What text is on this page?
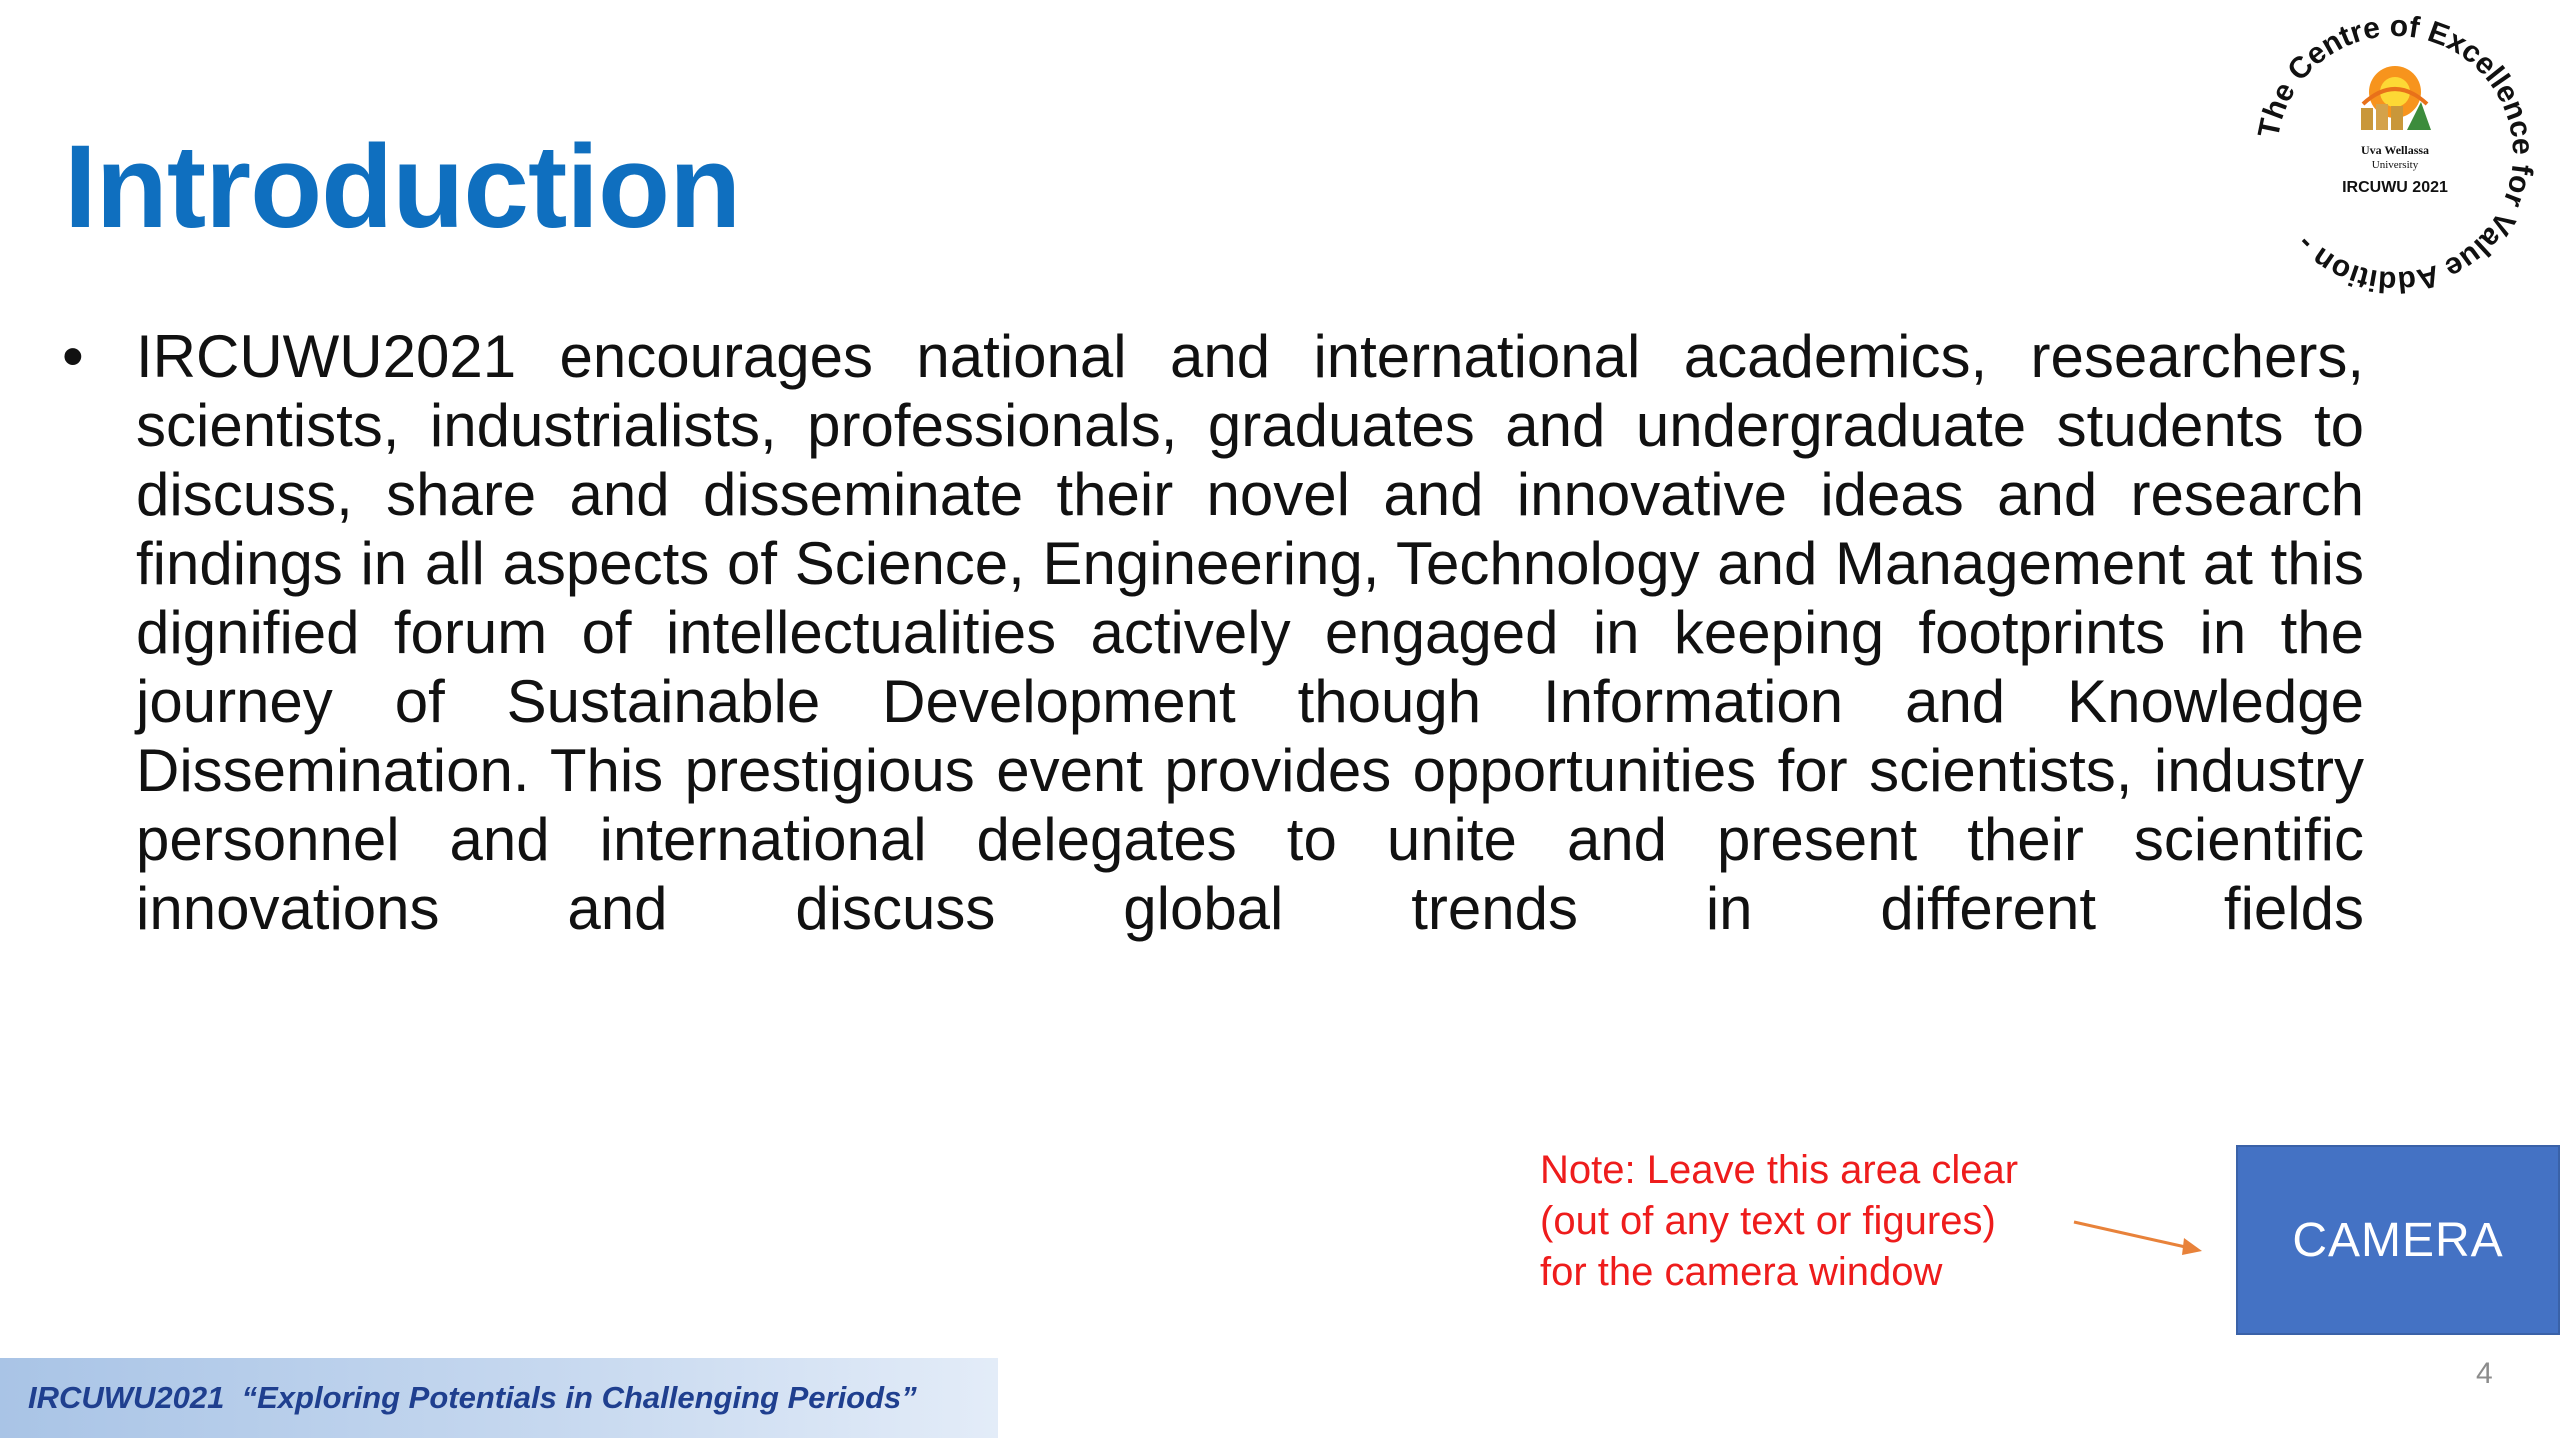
Introduction	The Centre of Excellence for Value Addition -
Uva Wellassa
University
IRCUWU 2021
• IRCUWU2021 encourages national and international academics, researchers, scientists, industrialists, professionals, graduates and undergraduate students to discuss, share and disseminate their novel and innovative ideas and research findings in all aspects of Science, Engineering, Technology and Management at this dignified forum of intellectualities actively engaged in keeping footprints in the journey of Sustainable Development though Information and Knowledge Dissemination. This prestigious event provides opportunities for scientists, industry personnel and international delegates to unite and present their scientific innovations and discuss global trends in different fields

Note: Leave this area clear
(out of any text or figures)
for the camera window
CAMERA
4
IRCUWU2021  “Exploring Potentials in Challenging Periods”
